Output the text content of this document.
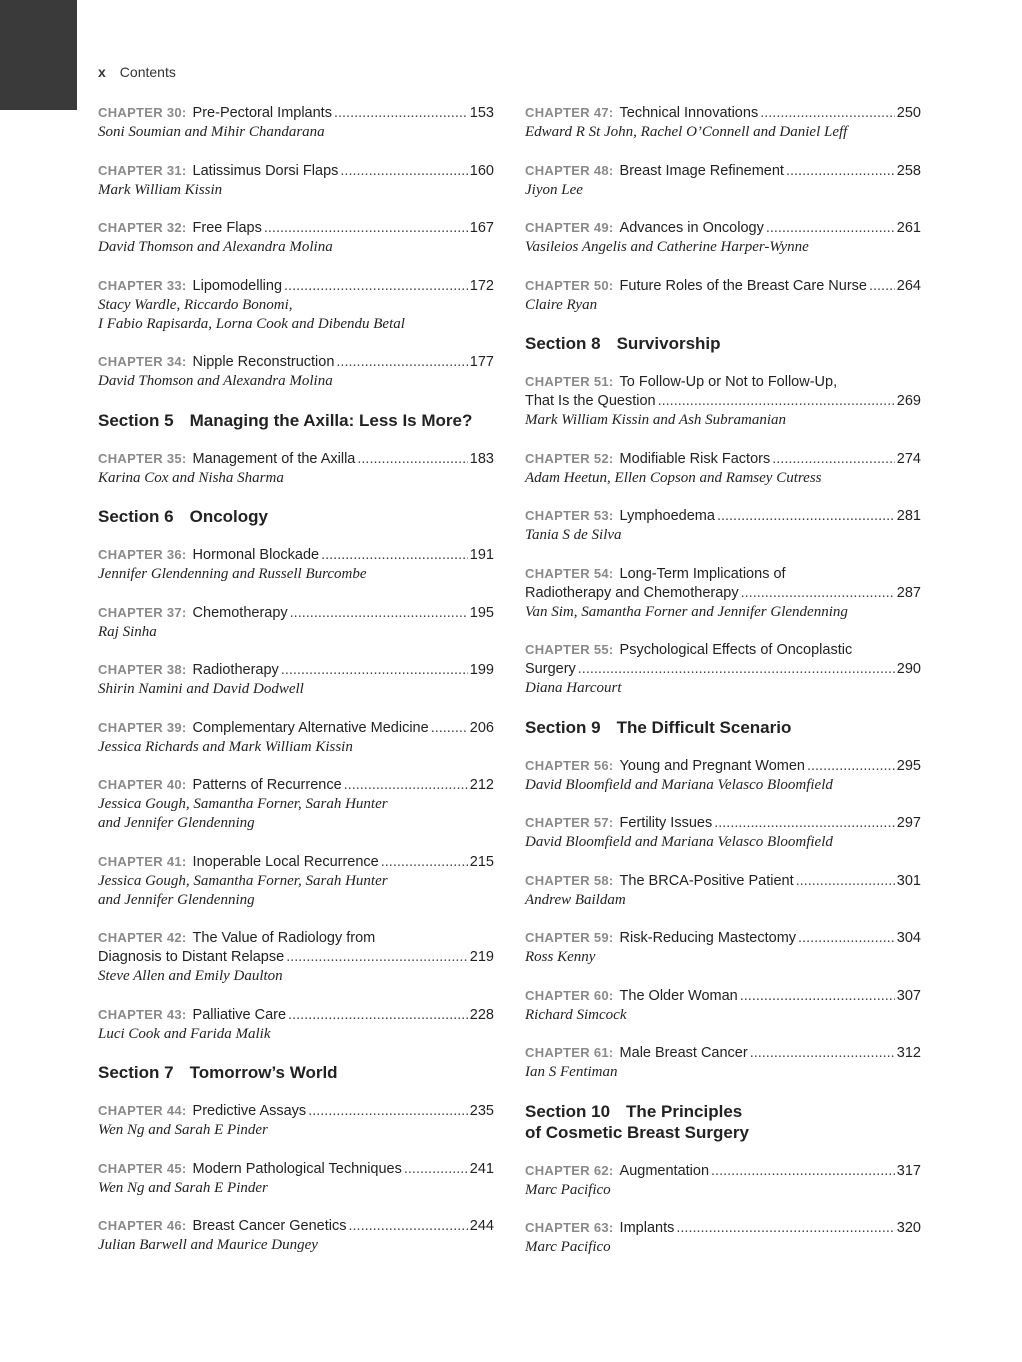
x Contents
CHAPTER 30: Pre-Pectoral Implants .....	153
Soni Soumian and Mihir Chandarana
CHAPTER 31: Latissimus Dorsi Flaps .....	160
Mark William Kissin
CHAPTER 32: Free Flaps .....	167
David Thomson and Alexandra Molina
CHAPTER 33: Lipomodelling .....	172
Stacy Wardle, Riccardo Bonomi,
I Fabio Rapisarda, Lorna Cook and Dibendu Betal
CHAPTER 34: Nipple Reconstruction .....	177
David Thomson and Alexandra Molina
Section 5 Managing the Axilla: Less Is More?
CHAPTER 35: Management of the Axilla .....	183
Karina Cox and Nisha Sharma
Section 6 Oncology
CHAPTER 36: Hormonal Blockade .....	191
Jennifer Glendenning and Russell Burcombe
CHAPTER 37: Chemotherapy .....	195
Raj Sinha
CHAPTER 38: Radiotherapy .....	199
Shirin Namini and David Dodwell
CHAPTER 39: Complementary Alternative Medicine .....	206
Jessica Richards and Mark William Kissin
CHAPTER 40: Patterns of Recurrence .....	212
Jessica Gough, Samantha Forner, Sarah Hunter
and Jennifer Glendenning
CHAPTER 41: Inoperable Local Recurrence .....	215
Jessica Gough, Samantha Forner, Sarah Hunter
and Jennifer Glendenning
CHAPTER 42: The Value of Radiology from
Diagnosis to Distant Relapse .....	219
Steve Allen and Emily Daulton
CHAPTER 43: Palliative Care .....	228
Luci Cook and Farida Malik
Section 7 Tomorrow’s World
CHAPTER 44: Predictive Assays .....	235
Wen Ng and Sarah E Pinder
CHAPTER 45: Modern Pathological Techniques .....	241
Wen Ng and Sarah E Pinder
CHAPTER 46: Breast Cancer Genetics .....	244
Julian Barwell and Maurice Dungey
CHAPTER 47: Technical Innovations .....	250
Edward R St John, Rachel O’Connell and Daniel Leff
CHAPTER 48: Breast Image Refinement .....	258
Jiyon Lee
CHAPTER 49: Advances in Oncology .....	261
Vasileios Angelis and Catherine Harper-Wynne
CHAPTER 50: Future Roles of the Breast Care Nurse ..... 264
Claire Ryan
Section 8 Survivorship
CHAPTER 51: To Follow-Up or Not to Follow-Up,
That Is the Question .....	269
Mark William Kissin and Ash Subramanian
CHAPTER 52: Modifiable Risk Factors .....	274
Adam Heetun, Ellen Copson and Ramsey Cutress
CHAPTER 53: Lymphoedema .....	281
Tania S de Silva
CHAPTER 54: Long-Term Implications of
Radiotherapy and Chemotherapy .....	287
Van Sim, Samantha Forner and Jennifer Glendenning
CHAPTER 55: Psychological Effects of Oncoplastic
Surgery .....	290
Diana Harcourt
Section 9 The Difficult Scenario
CHAPTER 56: Young and Pregnant Women .....	295
David Bloomfield and Mariana Velasco Bloomfield
CHAPTER 57: Fertility Issues .....	297
David Bloomfield and Mariana Velasco Bloomfield
CHAPTER 58: The BRCA-Positive Patient .....	301
Andrew Baildam
CHAPTER 59: Risk-Reducing Mastectomy .....	304
Ross Kenny
CHAPTER 60: The Older Woman .....	307
Richard Simcock
CHAPTER 61: Male Breast Cancer .....	312
Ian S Fentiman
Section 10 The Principles
of Cosmetic Breast Surgery
CHAPTER 62: Augmentation .....	317
Marc Pacifico
CHAPTER 63: Implants .....	320
Marc Pacifico
